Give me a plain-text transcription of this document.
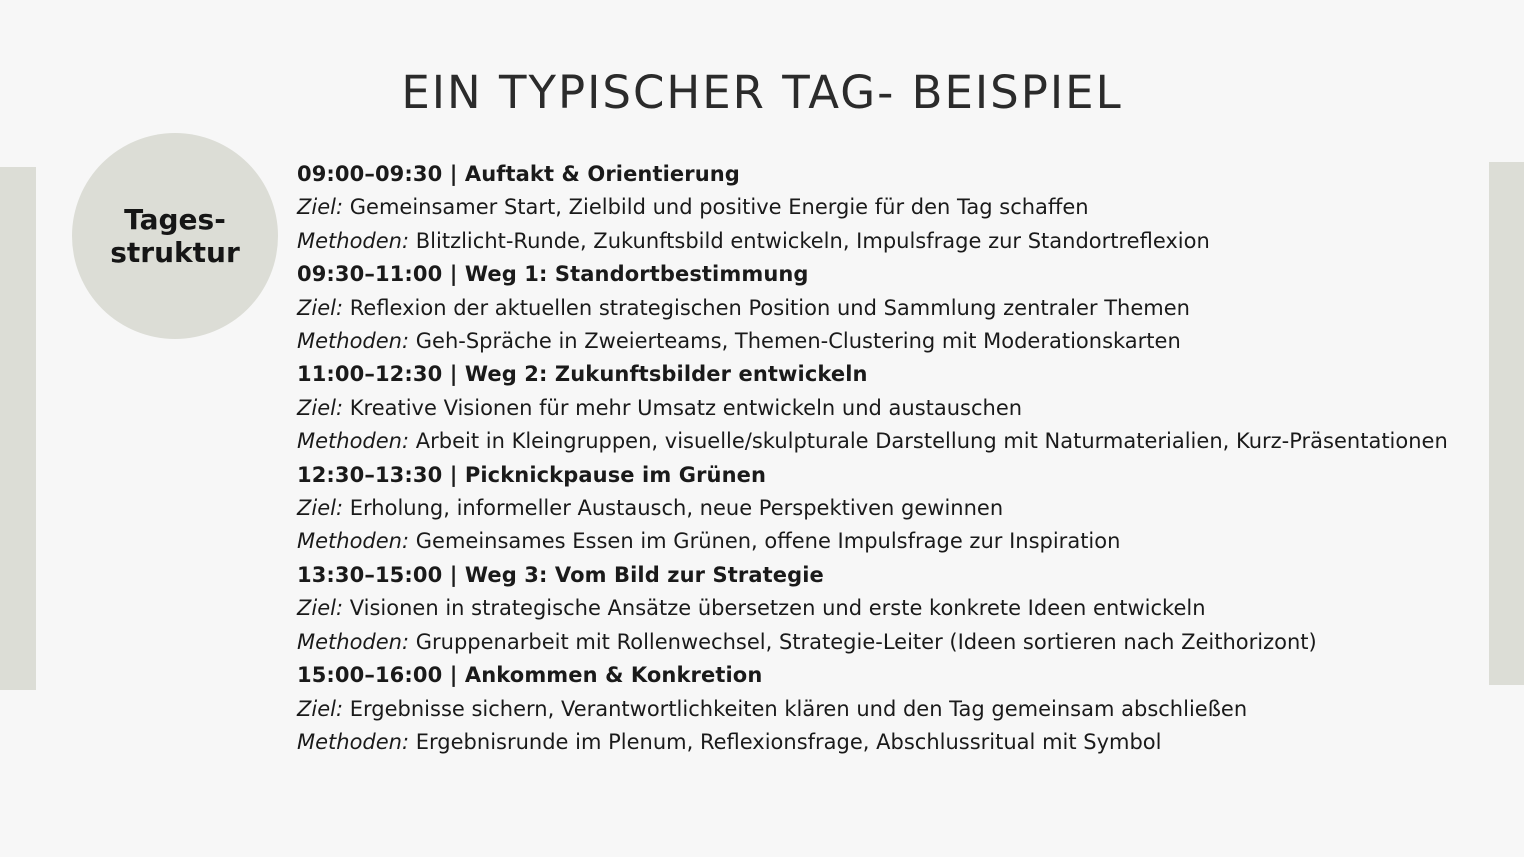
EIN TYPISCHER TAG- BEISPIEL
Tages-
struktur
09:00–09:30 | Auftakt & Orientierung
Ziel: Gemeinsamer Start, Zielbild und positive Energie für den Tag schaffen
Methoden: Blitzlicht-Runde, Zukunftsbild entwickeln, Impulsfrage zur Standortreflexion
09:30–11:00 | Weg 1: Standortbestimmung
Ziel: Reflexion der aktuellen strategischen Position und Sammlung zentraler Themen
Methoden: Geh-Spräche in Zweierteams, Themen-Clustering mit Moderationskarten
11:00–12:30 | Weg 2: Zukunftsbilder entwickeln
Ziel: Kreative Visionen für mehr Umsatz entwickeln und austauschen
Methoden: Arbeit in Kleingruppen, visuelle/skulpturale Darstellung mit Naturmaterialien, Kurz-Präsentationen
12:30–13:30 | Picknickpause im Grünen
Ziel: Erholung, informeller Austausch, neue Perspektiven gewinnen
Methoden: Gemeinsames Essen im Grünen, offene Impulsfrage zur Inspiration
13:30–15:00 | Weg 3: Vom Bild zur Strategie
Ziel: Visionen in strategische Ansätze übersetzen und erste konkrete Ideen entwickeln
Methoden: Gruppenarbeit mit Rollenwechsel, Strategie-Leiter (Ideen sortieren nach Zeithorizont)
15:00–16:00 | Ankommen & Konkretion
Ziel: Ergebnisse sichern, Verantwortlichkeiten klären und den Tag gemeinsam abschließen
Methoden: Ergebnisrunde im Plenum, Reflexionsfrage, Abschlussritual mit Symbol
